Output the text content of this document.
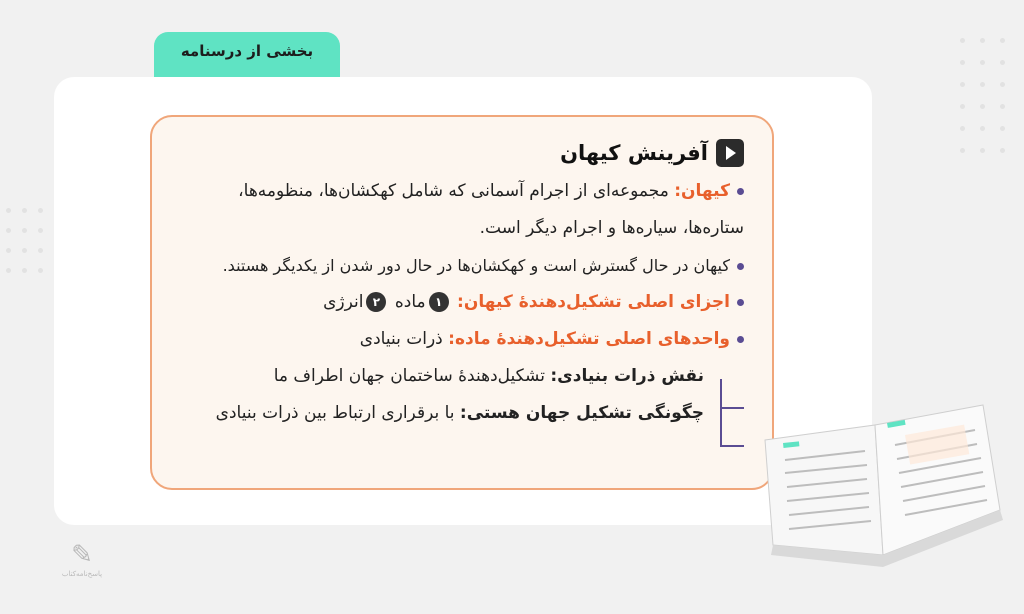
بخشی از درسنامه
آفرینش کیهان
کیهان: مجموعه‌ای از اجرام آسمانی که شامل کهکشان‌ها، منظومه‌ها،
ستاره‌ها، سیاره‌ها و اجرام دیگر است.
کیهان در حال گسترش است و کهکشان‌ها در حال دور شدن از یکدیگر هستند.
اجزای اصلی تشکیل‌دهندهٔ کیهان: ۱ماده ۲انرژی
واحدهای اصلی تشکیل‌دهندهٔ ماده: ذرات بنیادی
نقش ذرات بنیادی: تشکیل‌دهندهٔ ساختمان جهان اطراف ما
چگونگی تشکیل جهان هستی: با برقراری ارتباط بین ذرات بنیادی
✎
پاسخ‌نامه‌کتاب
